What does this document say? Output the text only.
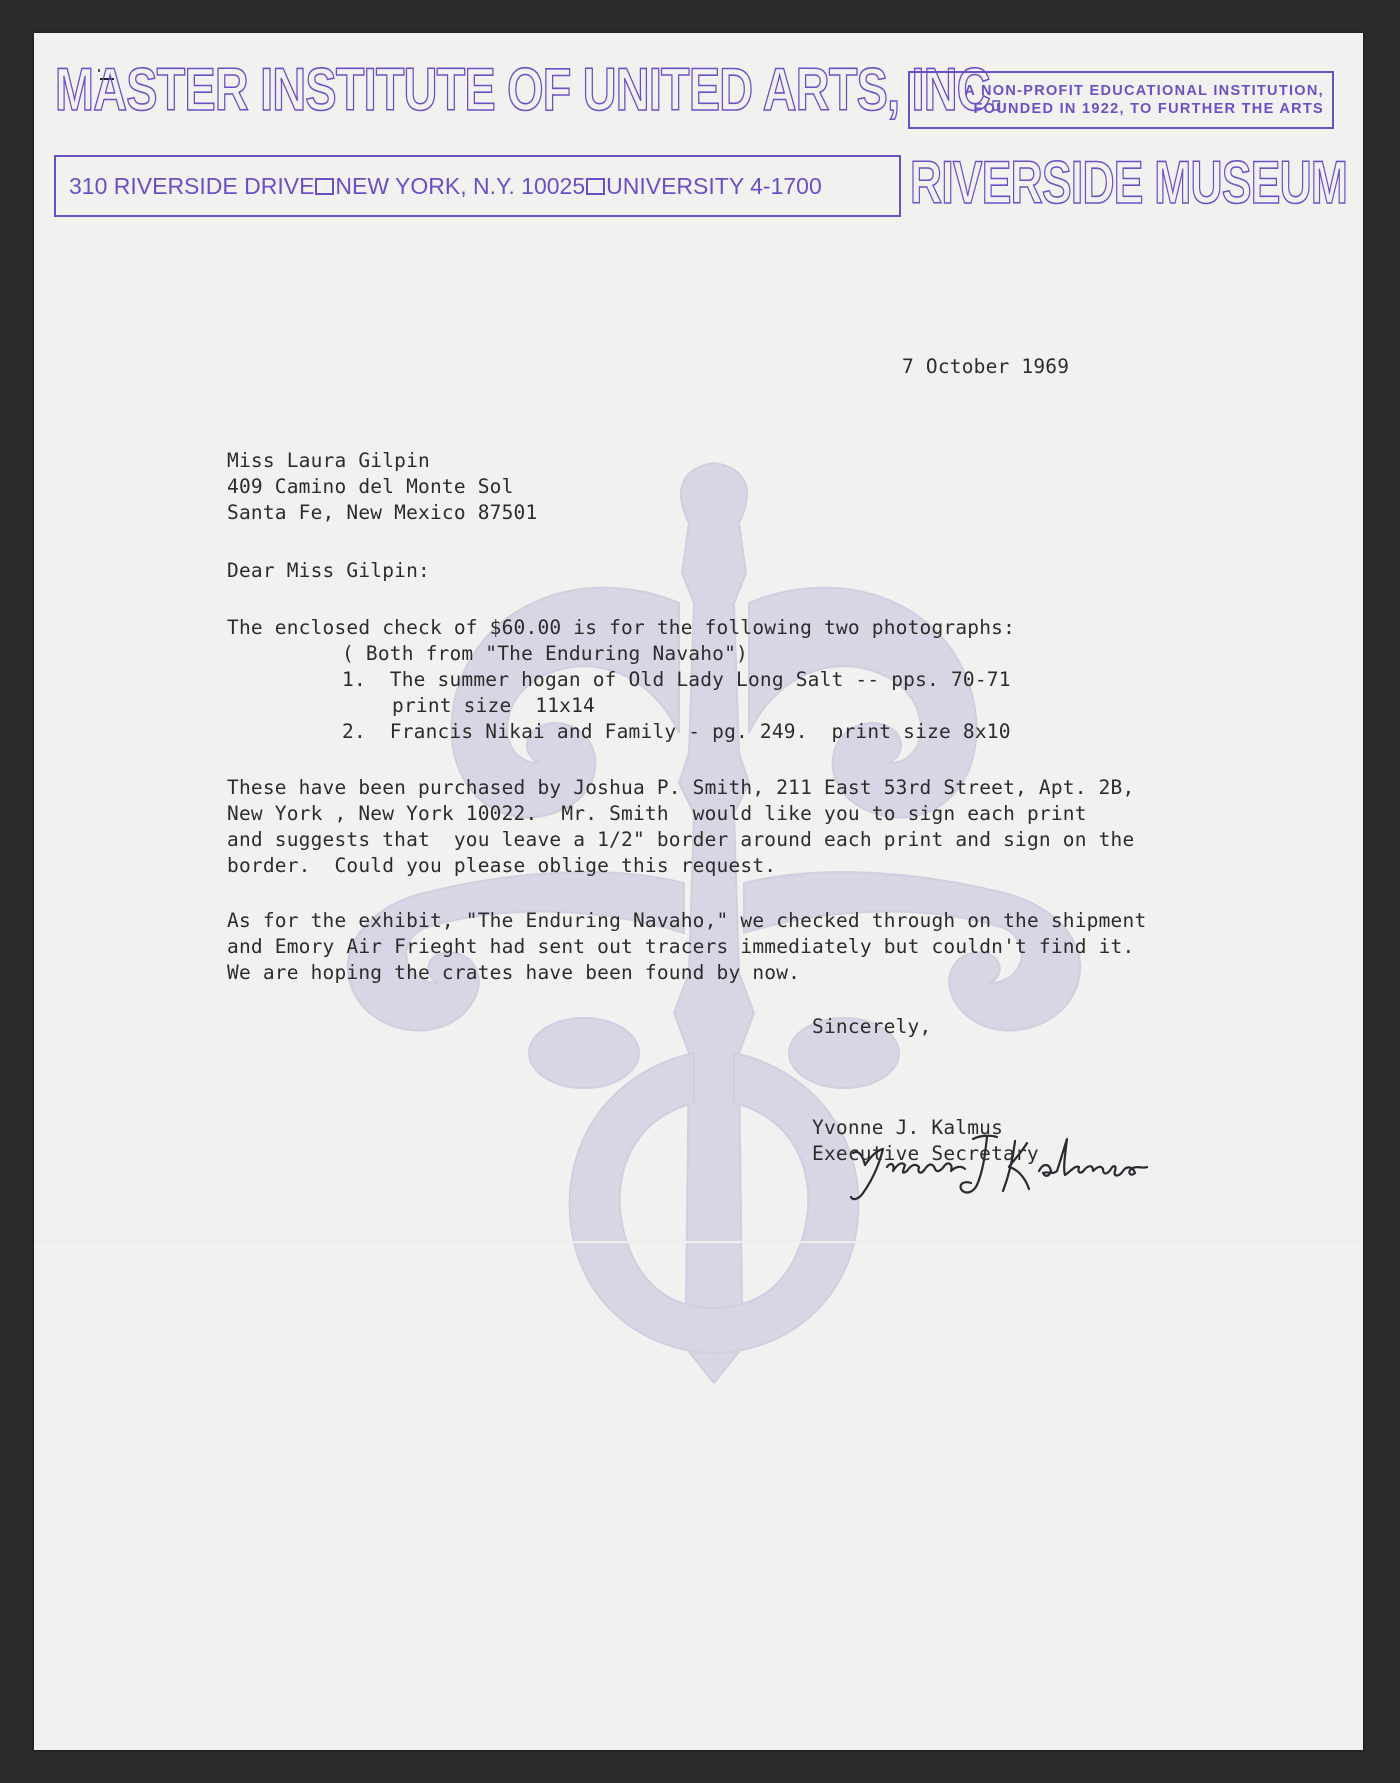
MASTER INSTITUTE OF UNITED ARTS, INC.
A NON-PROFIT EDUCATIONAL INSTITUTION,
FOUNDED IN 1922, TO FURTHER THE ARTS
310 RIVERSIDE DRIVE NEW YORK, N.Y. 10025 UNIVERSITY 4-1700	RIVERSIDE MUSEUM
7 October 1969
Miss Laura Gilpin
409 Camino del Monte Sol
Santa Fe, New Mexico 87501
Dear Miss Gilpin:
The enclosed check of $60.00 is for the following two photographs:
( Both from "The Enduring Navaho")
1.  The summer hogan of Old Lady Long Salt -- pps. 70-71
print size  11x14
2.  Francis Nikai and Family - pg. 249.  print size 8x10
These have been purchased by Joshua P. Smith, 211 East 53rd Street, Apt. 2B,
New York , New York 10022.  Mr. Smith  would like you to sign each print
and suggests that  you leave a 1/2" border around each print and sign on the
border.  Could you please oblige this request.
As for the exhibit, "The Enduring Navaho," we checked through on the shipment
and Emory Air Frieght had sent out tracers immediately but couldn't find it.
We are hoping the crates have been found by now.
Sincerely,
Yvonne J. Kalmus
Executive Secretary
